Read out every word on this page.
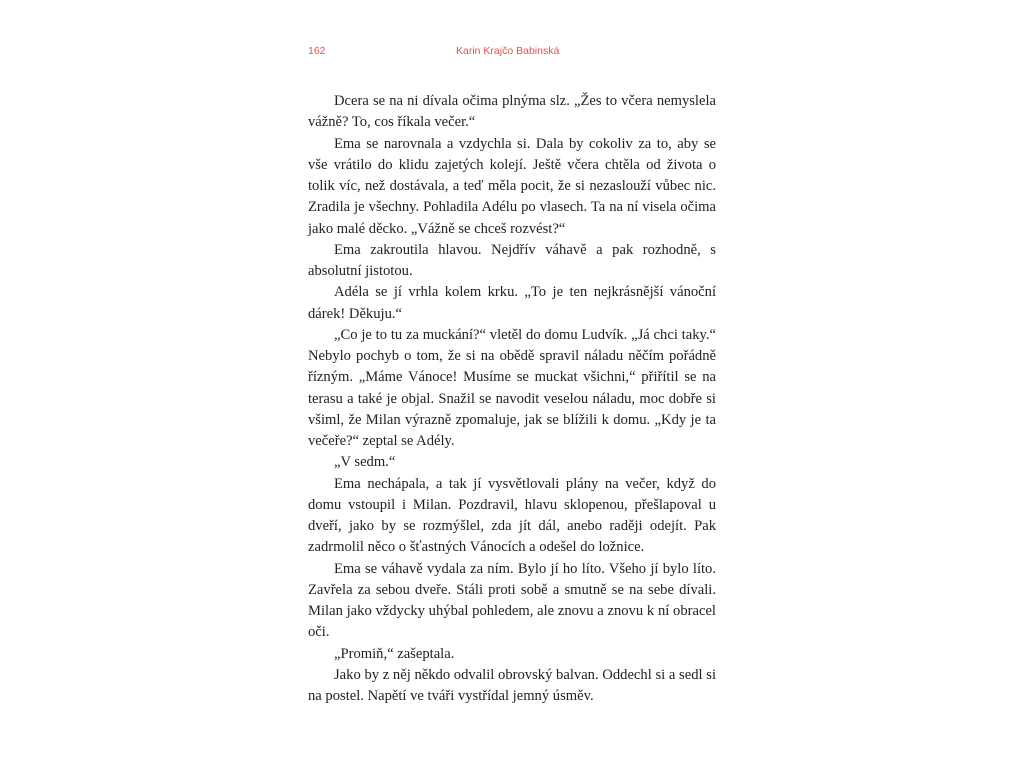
162	Karin Krajčo Babinská

Dcera se na ni dívala očima plnýma slz. „Žes to včera nemyslela vážně? To, cos říkala večer.“

Ema se narovnala a vzdychla si. Dala by cokoliv za to, aby se vše vrátilo do klidu zajetých kolejí. Ještě včera chtěla od života o tolik víc, než dostávala, a teď měla pocit, že si nezaslouží vůbec nic. Zradila je všechny. Pohladila Adélu po vlasech. Ta na ní visela očima jako malé děcko. „Vážně se chceš rozvést?“

Ema zakroutila hlavou. Nejdřív váhavě a pak rozhodně, s absolutní jistotou.

Adéla se jí vrhla kolem krku. „To je ten nejkrásnější vánoční dárek! Děkuju.“

„Co je to tu za muckání?“ vletěl do domu Ludvík. „Já chci taky.“ Nebylo pochyb o tom, že si na obědě spravil náladu něčím pořádně řízným. „Máme Vánoce! Musíme se muckat všichni,“ přiřítil se na terasu a také je objal. Snažil se navodit veselou náladu, moc dobře si všiml, že Milan výrazně zpomaluje, jak se blížili k domu. „Kdy je ta večeře?“ zeptal se Adély.

„V sedm.“

Ema nechápala, a tak jí vysvětlovali plány na večer, když do domu vstoupil i Milan. Pozdravil, hlavu sklopenou, přešlapoval u dveří, jako by se rozmýšlel, zda jít dál, anebo raději odejít. Pak zadrmolil něco o šťastných Vánocích a odešel do ložnice.

Ema se váhavě vydala za ním. Bylo jí ho líto. Všeho jí bylo líto. Zavřela za sebou dveře. Stáli proti sobě a smutně se na sebe dívali. Milan jako vždycky uhýbal pohledem, ale znovu a znovu k ní obracel oči.

„Promiň,“ zašeptala.

Jako by z něj někdo odvalil obrovský balvan. Oddechl si a sedl si na postel. Napětí ve tváři vystřídal jemný úsměv.
